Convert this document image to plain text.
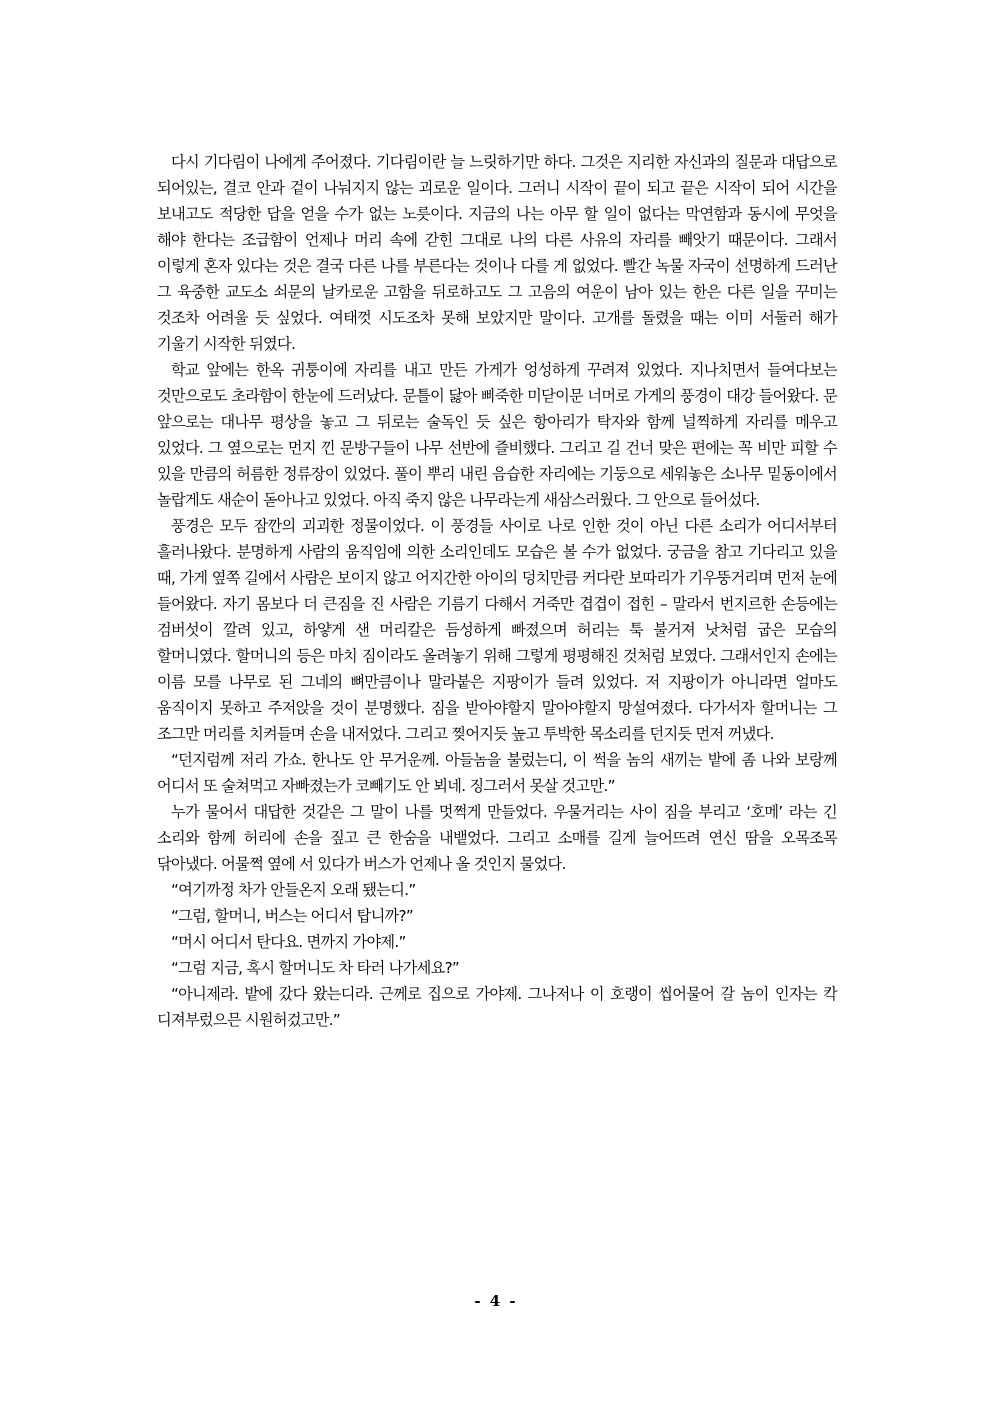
다시 기다림이 나에게 주어졌다. 기다림이란 늘 느릿하기만 하다. 그것은 지리한 자신과의 질문과 대답으로 되어있는, 결코 안과 겉이 나눠지지 않는 괴로운 일이다. 그러니 시작이 끝이 되고 끝은 시작이 되어 시간을 보내고도 적당한 답을 얻을 수가 없는 노릇이다. 지금의 나는 아무 할 일이 없다는 막연함과 동시에 무엇을 해야 한다는 조급함이 언제나 머리 속에 갇힌 그대로 나의 다른 사유의 자리를 빼앗기 때문이다. 그래서 이렇게 혼자 있다는 것은 결국 다른 나를 부른다는 것이나 다를 게 없었다. 빨간 녹물 자국이 선명하게 드러난 그 육중한 교도소 쇠문의 날카로운 고함을 뒤로하고도 그 고음의 여운이 남아 있는 한은 다른 일을 꾸미는 것조차 어려울 듯 싶었다. 여태껏 시도조차 못해 보았지만 말이다. 고개를 돌렸을 때는 이미 서둘러 해가 기울기 시작한 뒤였다.

학교 앞에는 한옥 귀퉁이에 자리를 내고 만든 가게가 엉성하게 꾸려져 있었다. 지나치면서 들여다보는 것만으로도 초라함이 한눈에 드러났다. 문틀이 닳아 삐죽한 미닫이문 너머로 가게의 풍경이 대강 들어왔다. 문 앞으로는 대나무 평상을 놓고 그 뒤로는 술독인 듯 싶은 항아리가 탁자와 함께 널찍하게 자리를 메우고 있었다. 그 옆으로는 먼지 낀 문방구들이 나무 선반에 즐비했다. 그리고 길 건너 맞은 편에는 꼭 비만 피할 수 있을 만큼의 허름한 정류장이 있었다. 풀이 뿌리 내린 음습한 자리에는 기둥으로 세워놓은 소나무 밑동이에서 놀랍게도 새순이 돋아나고 있었다. 아직 죽지 않은 나무라는게 새삼스러웠다. 그 안으로 들어섰다.

풍경은 모두 잠깐의 괴괴한 정물이었다. 이 풍경들 사이로 나로 인한 것이 아닌 다른 소리가 어디서부터 흘러나왔다. 분명하게 사람의 움직임에 의한 소리인데도 모습은 볼 수가 없었다. 궁금을 참고 기다리고 있을 때, 가게 옆쪽 길에서 사람은 보이지 않고 어지간한 아이의 덩치만큼 커다란 보따리가 기우뚱거리며 먼저 눈에 들어왔다. 자기 몸보다 더 큰짐을 진 사람은 기름기 다해서 거죽만 겹겹이 접힌 – 말라서 번지르한 손등에는 검버섯이 깔려 있고, 하얗게 샌 머리칼은 듬성하게 빠졌으며 허리는 툭 불거져 낫처럼 굽은 모습의 할머니였다. 할머니의 등은 마치 짐이라도 올려놓기 위해 그렇게 평평해진 것처럼 보였다. 그래서인지 손에는 이름 모를 나무로 된 그네의 뼈만큼이나 말라붙은 지팡이가 들려 있었다. 저 지팡이가 아니라면 얼마도 움직이지 못하고 주저앉을 것이 분명했다. 짐을 받아야할지 말아야할지 망설여졌다. 다가서자 할머니는 그 조그만 머리를 치켜들며 손을 내저었다. 그리고 찢어지듯 높고 투박한 목소리를 던지듯 먼저 꺼냈다.

“던지럼께 저리 가쇼. 한나도 안 무거운께. 아들놈을 불렀는디, 이 썩을 놈의 새끼는 밭에 좀 나와 보랑께 어디서 또 술쳐먹고 자빠졌는가 코빼기도 안 뵈네. 징그러서 못살 것고만.”

누가 물어서 대답한 것같은 그 말이 나를 멋쩍게 만들었다. 우물거리는 사이 짐을 부리고 ‘호메’ 라는 긴 소리와 함께 허리에 손을 짚고 큰 한숨을 내뱉었다. 그리고 소매를 길게 늘어뜨려 연신 땀을 오목조목 닦아냈다. 어물쩍 옆에 서 있다가 버스가 언제나 올 것인지 물었다.

“여기까정 차가 안들온지 오래 됐는디.”

“그럼, 할머니, 버스는 어디서 탑니까?”

“머시 어디서 탄다요. 면까지 가야제.”

“그럼 지금, 혹시 할머니도 차 타러 나가세요?”

“아니제라. 밭에 갔다 왔는디라. 근께로 집으로 가야제. 그나저나 이 호랭이 씹어물어 갈 놈이 인자는 칵 디져부렀으믄 시원허겄고만.”

- 4 -
